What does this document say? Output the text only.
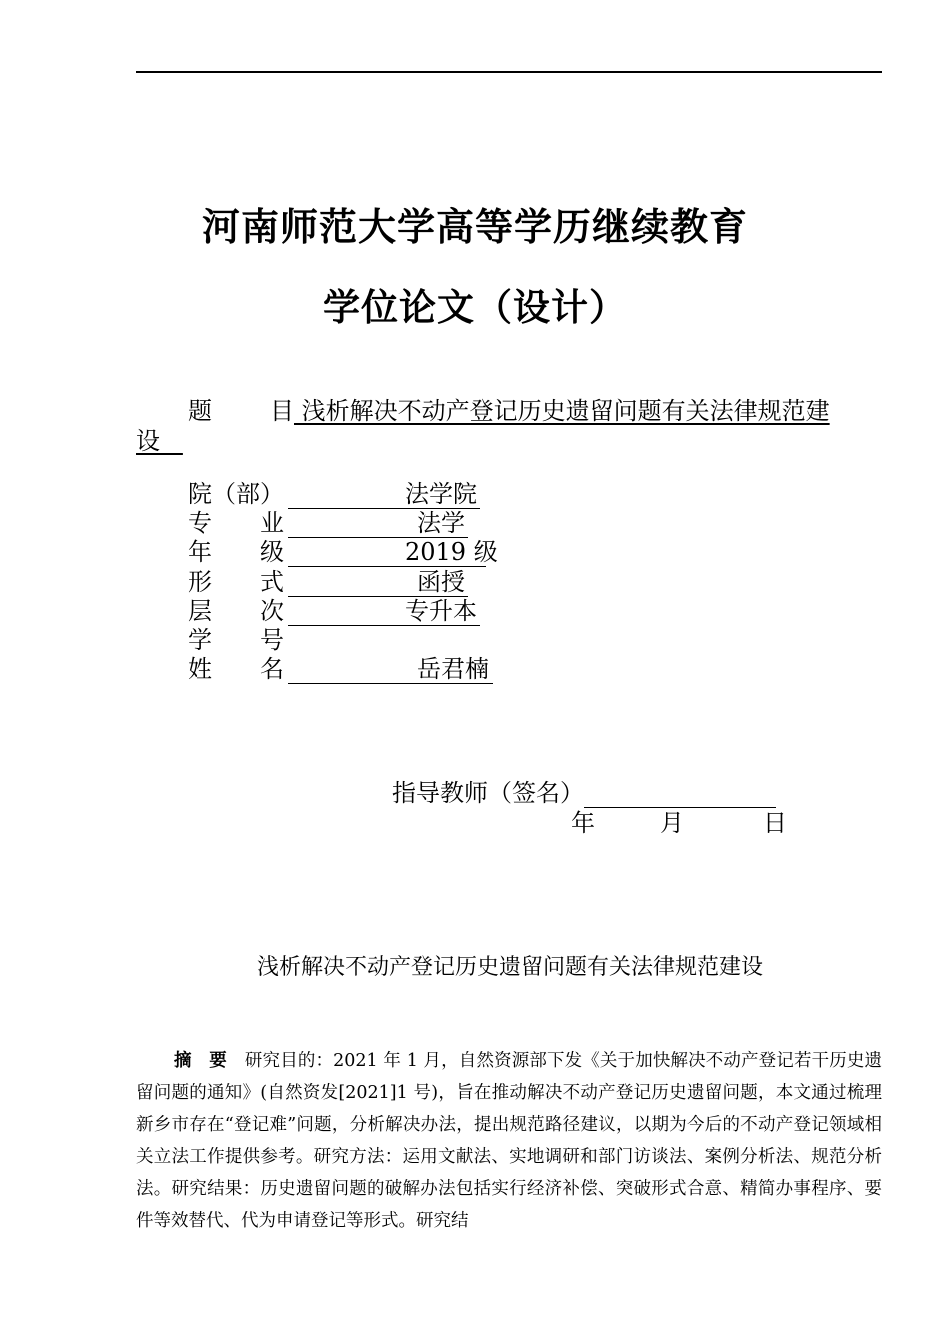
河南师范大学高等学历继续教育
学位论文（设计）
题 目 浅析解决不动产登记历史遗留问题有关法律规范建
设
院（部）	法学院
专　　业	法学
年　　级	2019 级
形　　式	函授
层　　次	专升本
学　　号
姓　　名	岳君楠
指导教师（签名）
年	月	日
浅析解决不动产登记历史遗留问题有关法律规范建设
摘　要 研究目的：2021 年 1 月，自然资源部下发《关于加快解决不动产登记若干历史遗留问题的通知》(自然资发[2021]1 号)，旨在推动解决不动产登记历史遗留问题，本文通过梳理新乡市存在“登记难”问题，分析解决办法，提出规范路径建议，以期为今后的不动产登记领域相关立法工作提供参考。研究方法：运用文献法、实地调研和部门访谈法、案例分析法、规范分析法。研究结果：历史遗留问题的破解办法包括实行经济补偿、突破形式合意、精简办事程序、要件等效替代、代为申请登记等形式。研究结
